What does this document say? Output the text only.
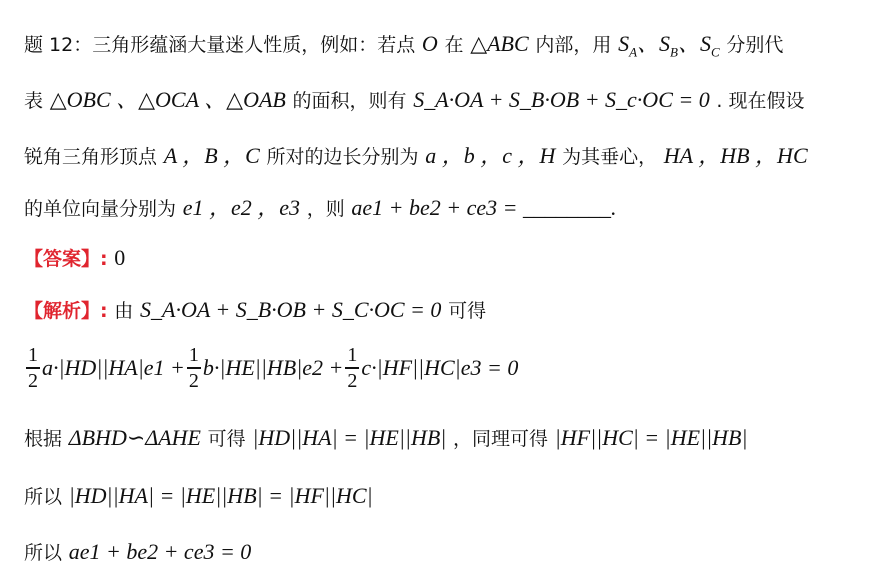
题 12：三角形蕴涵大量迷人性质，例如：若点 O 在 △ABC 内部，用 $S_A$、$S_B$、$S_C$ 分别代
表 △OBC 、△OCA 、△OAB 的面积，则有 S_A·OA + S_B·OB + S_c·OC = 0 . 现在假设
锐角三角形顶点 A ，B ，C 所对的边长分别为 a ，b ，c ，H 为其垂心， HA ，HB ，HC
的单位向量分别为 e1 ，e2 ，e3 ，则 ae1 + be2 + ce3 = ________.
【答案】: 0
【解析】: 由 S_A·OA + S_B·OB + S_C·OC = 0 可得
$\frac{1}{2} a\cdot|HD||HA|e1 + \frac{1}{2} b\cdot|HE||HB|e2 + \frac{1}{2} c\cdot|HF||HC|e3 = 0$
根据 ΔBHD∽ΔAHE 可得 |HD||HA| = |HE||HB| ，同理可得 |HF||HC| = |HE||HB|
所以 |HD||HA| = |HE||HB| = |HF||HC|
所以 ae1 + be2 + ce3 = 0
